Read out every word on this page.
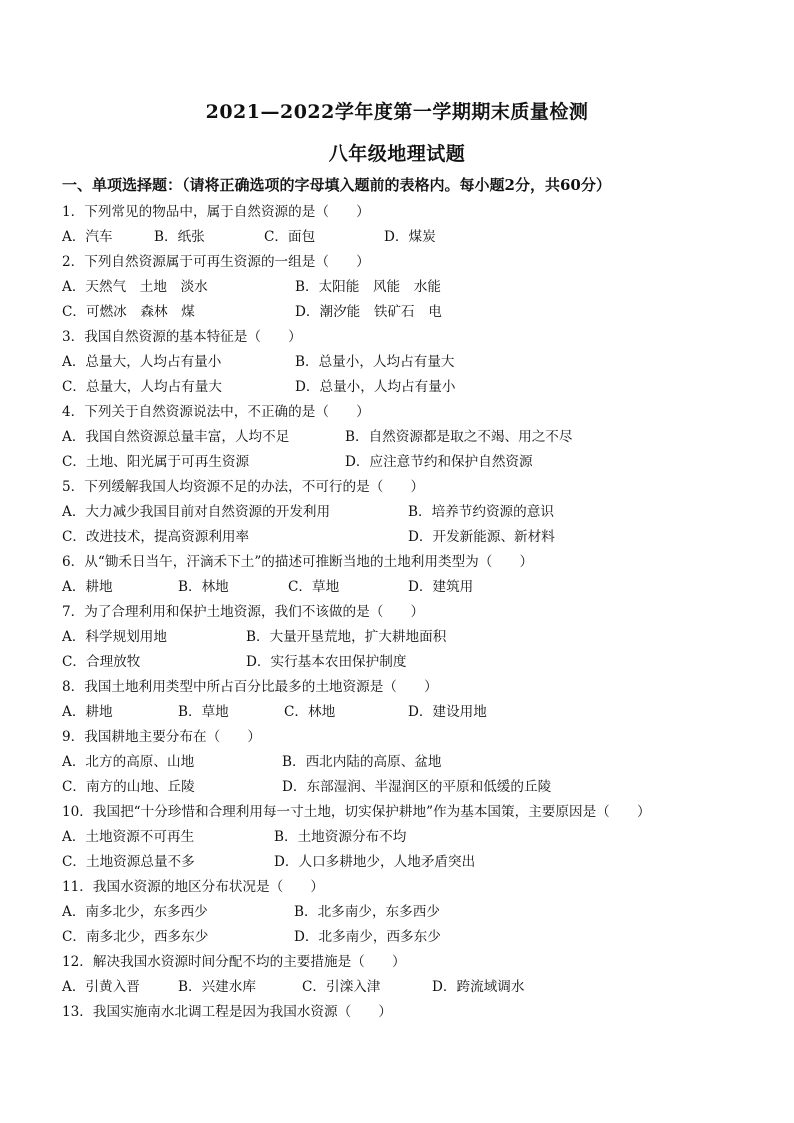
2021—2022学年度第一学期期末质量检测
八年级地理试题
一、单项选择题：（请将正确选项的字母填入题前的表格内。每小题2分，共60分）
1．下列常见的物品中，属于自然资源的是（　　）
A．汽车	B．纸张	C．面包	D．煤炭
2．下列自然资源属于可再生资源的一组是（　　）
A．天然气　土地　淡水	B．太阳能　风能　水能
C．可燃冰　森林　煤	D．潮汐能　铁矿石　电
3．我国自然资源的基本特征是（　　）
A．总量大，人均占有量小	B．总量小，人均占有量大
C．总量大，人均占有量大	D．总量小，人均占有量小
4．下列关于自然资源说法中，不正确的是（　　）
A．我国自然资源总量丰富，人均不足	B．自然资源都是取之不竭、用之不尽
C．土地、阳光属于可再生资源	D．应注意节约和保护自然资源
5．下列缓解我国人均资源不足的办法，不可行的是（　　）
A．大力减少我国目前对自然资源的开发利用	B．培养节约资源的意识
C．改进技术，提高资源利用率	D．开发新能源、新材料
6．从“锄禾日当午，汗滴禾下土”的描述可推断当地的土地利用类型为（　　）
A．耕地	B．林地	C．草地	D．建筑用
7．为了合理利用和保护土地资源，我们不该做的是（　　）
A．科学规划用地	B．大量开垦荒地，扩大耕地面积
C．合理放牧	D．实行基本农田保护制度
8．我国土地利用类型中所占百分比最多的土地资源是（　　）
A．耕地	B．草地	C．林地	D．建设用地
9．我国耕地主要分布在（　　）
A．北方的高原、山地	B．西北内陆的高原、盆地
C．南方的山地、丘陵	D．东部湿润、半湿润区的平原和低缓的丘陵
10．我国把“十分珍惜和合理利用每一寸土地，切实保护耕地”作为基本国策，主要原因是（　　）
A．土地资源不可再生	B．土地资源分布不均
C．土地资源总量不多	D．人口多耕地少，人地矛盾突出
11．我国水资源的地区分布状况是（　　）
A．南多北少，东多西少	B．北多南少，东多西少
C．南多北少，西多东少	D．北多南少，西多东少
12．解决我国水资源时间分配不均的主要措施是（　　）
A．引黄入晋	B．兴建水库	C．引滦入津	D．跨流域调水
13．我国实施南水北调工程是因为我国水资源（　　）
